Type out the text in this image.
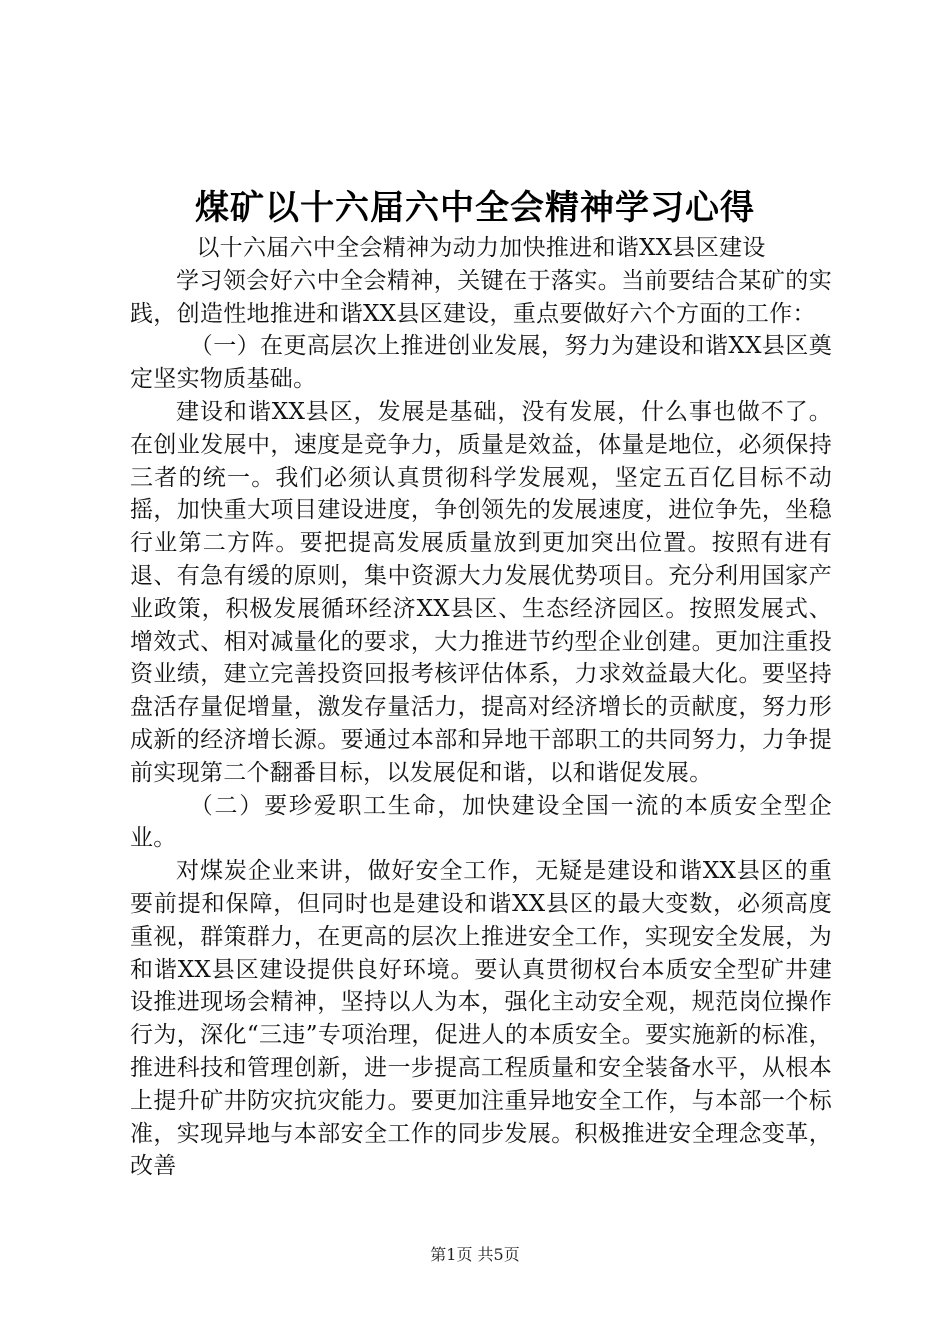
煤矿以十六届六中全会精神学习心得

以十六届六中全会精神为动力加快推进和谐XX县区建设

学习领会好六中全会精神，关键在于落实。当前要结合某矿的实践，创造性地推进和谐XX县区建设，重点要做好六个方面的工作：

（一）在更高层次上推进创业发展，努力为建设和谐XX县区奠定坚实物质基础。

建设和谐XX县区，发展是基础，没有发展，什么事也做不了。在创业发展中，速度是竞争力，质量是效益，体量是地位，必须保持三者的统一。我们必须认真贯彻科学发展观，坚定五百亿目标不动摇，加快重大项目建设进度，争创领先的发展速度，进位争先，坐稳行业第二方阵。要把提高发展质量放到更加突出位置。按照有进有退、有急有缓的原则，集中资源大力发展优势项目。充分利用国家产业政策，积极发展循环经济XX县区、生态经济园区。按照发展式、增效式、相对减量化的要求，大力推进节约型企业创建。更加注重投资业绩，建立完善投资回报考核评估体系，力求效益最大化。要坚持盘活存量促增量，激发存量活力，提高对经济增长的贡献度，努力形成新的经济增长源。要通过本部和异地干部职工的共同努力，力争提前实现第二个翻番目标，以发展促和谐，以和谐促发展。

（二）要珍爱职工生命，加快建设全国一流的本质安全型企业。

对煤炭企业来讲，做好安全工作，无疑是建设和谐XX县区的重要前提和保障，但同时也是建设和谐XX县区的最大变数，必须高度重视，群策群力，在更高的层次上推进安全工作，实现安全发展，为和谐XX县区建设提供良好环境。要认真贯彻权台本质安全型矿井建设推进现场会精神，坚持以人为本，强化主动安全观，规范岗位操作行为，深化“三违”专项治理，促进人的本质安全。要实施新的标准，推进科技和管理创新，进一步提高工程质量和安全装备水平，从根本上提升矿井防灾抗灾能力。要更加注重异地安全工作，与本部一个标准，实现异地与本部安全工作的同步发展。积极推进安全理念变革，改善

第1页 共5页
